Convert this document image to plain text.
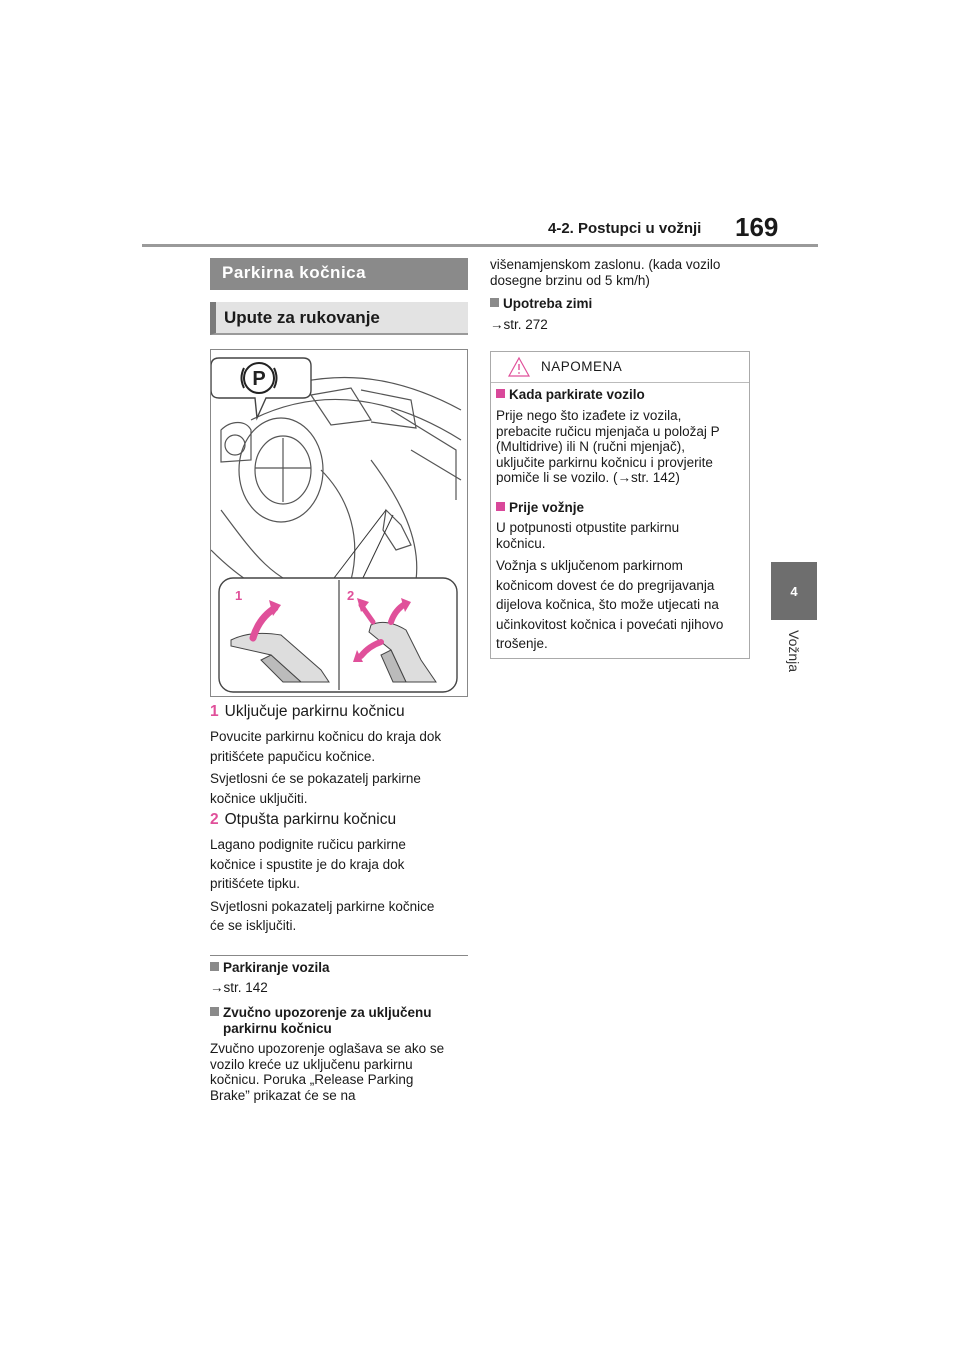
4-2. Postupci u vožnji 169
4
Vožnja
Parkirna kočnica
Upute za rukovanje
P
1	2
1 Uključuje parkirnu kočnicu
Povucite parkirnu kočnicu do kraja dok
pritišćete papučicu kočnice.
Svjetlosni će se pokazatelj parkirne
kočnice uključiti.
2 Otpušta parkirnu kočnicu
Lagano podignite ručicu parkirne
kočnice i spustite je do kraja dok
pritišćete tipku.
Svjetlosni pokazatelj parkirne kočnice
će se isključiti.
Parkiranje vozila
→str. 142
Zvučno upozorenje za uključenu
parkirnu kočnicu
Zvučno upozorenje oglašava se ako se
vozilo kreće uz uključenu parkirnu
kočnicu. Poruka „Release Parking
Brake” prikazat će se na
višenamjenskom zaslonu. (kada vozilo
dosegne brzinu od 5 km/h)
Upotreba zimi
→str. 272
NAPOMENA
Kada parkirate vozilo
Prije nego što izađete iz vozila,
prebacite ručicu mjenjača u položaj P
(Multidrive) ili N (ručni mjenjač),
uključite parkirnu kočnicu i provjerite
pomiče li se vozilo. (→str. 142)
Prije vožnje
U potpunosti otpustite parkirnu
kočnicu.
Vožnja s uključenom parkirnom
kočnicom dovest će do pregrijavanja
dijelova kočnica, što može utjecati na
učinkovitost kočnica i povećati njihovo
trošenje.
